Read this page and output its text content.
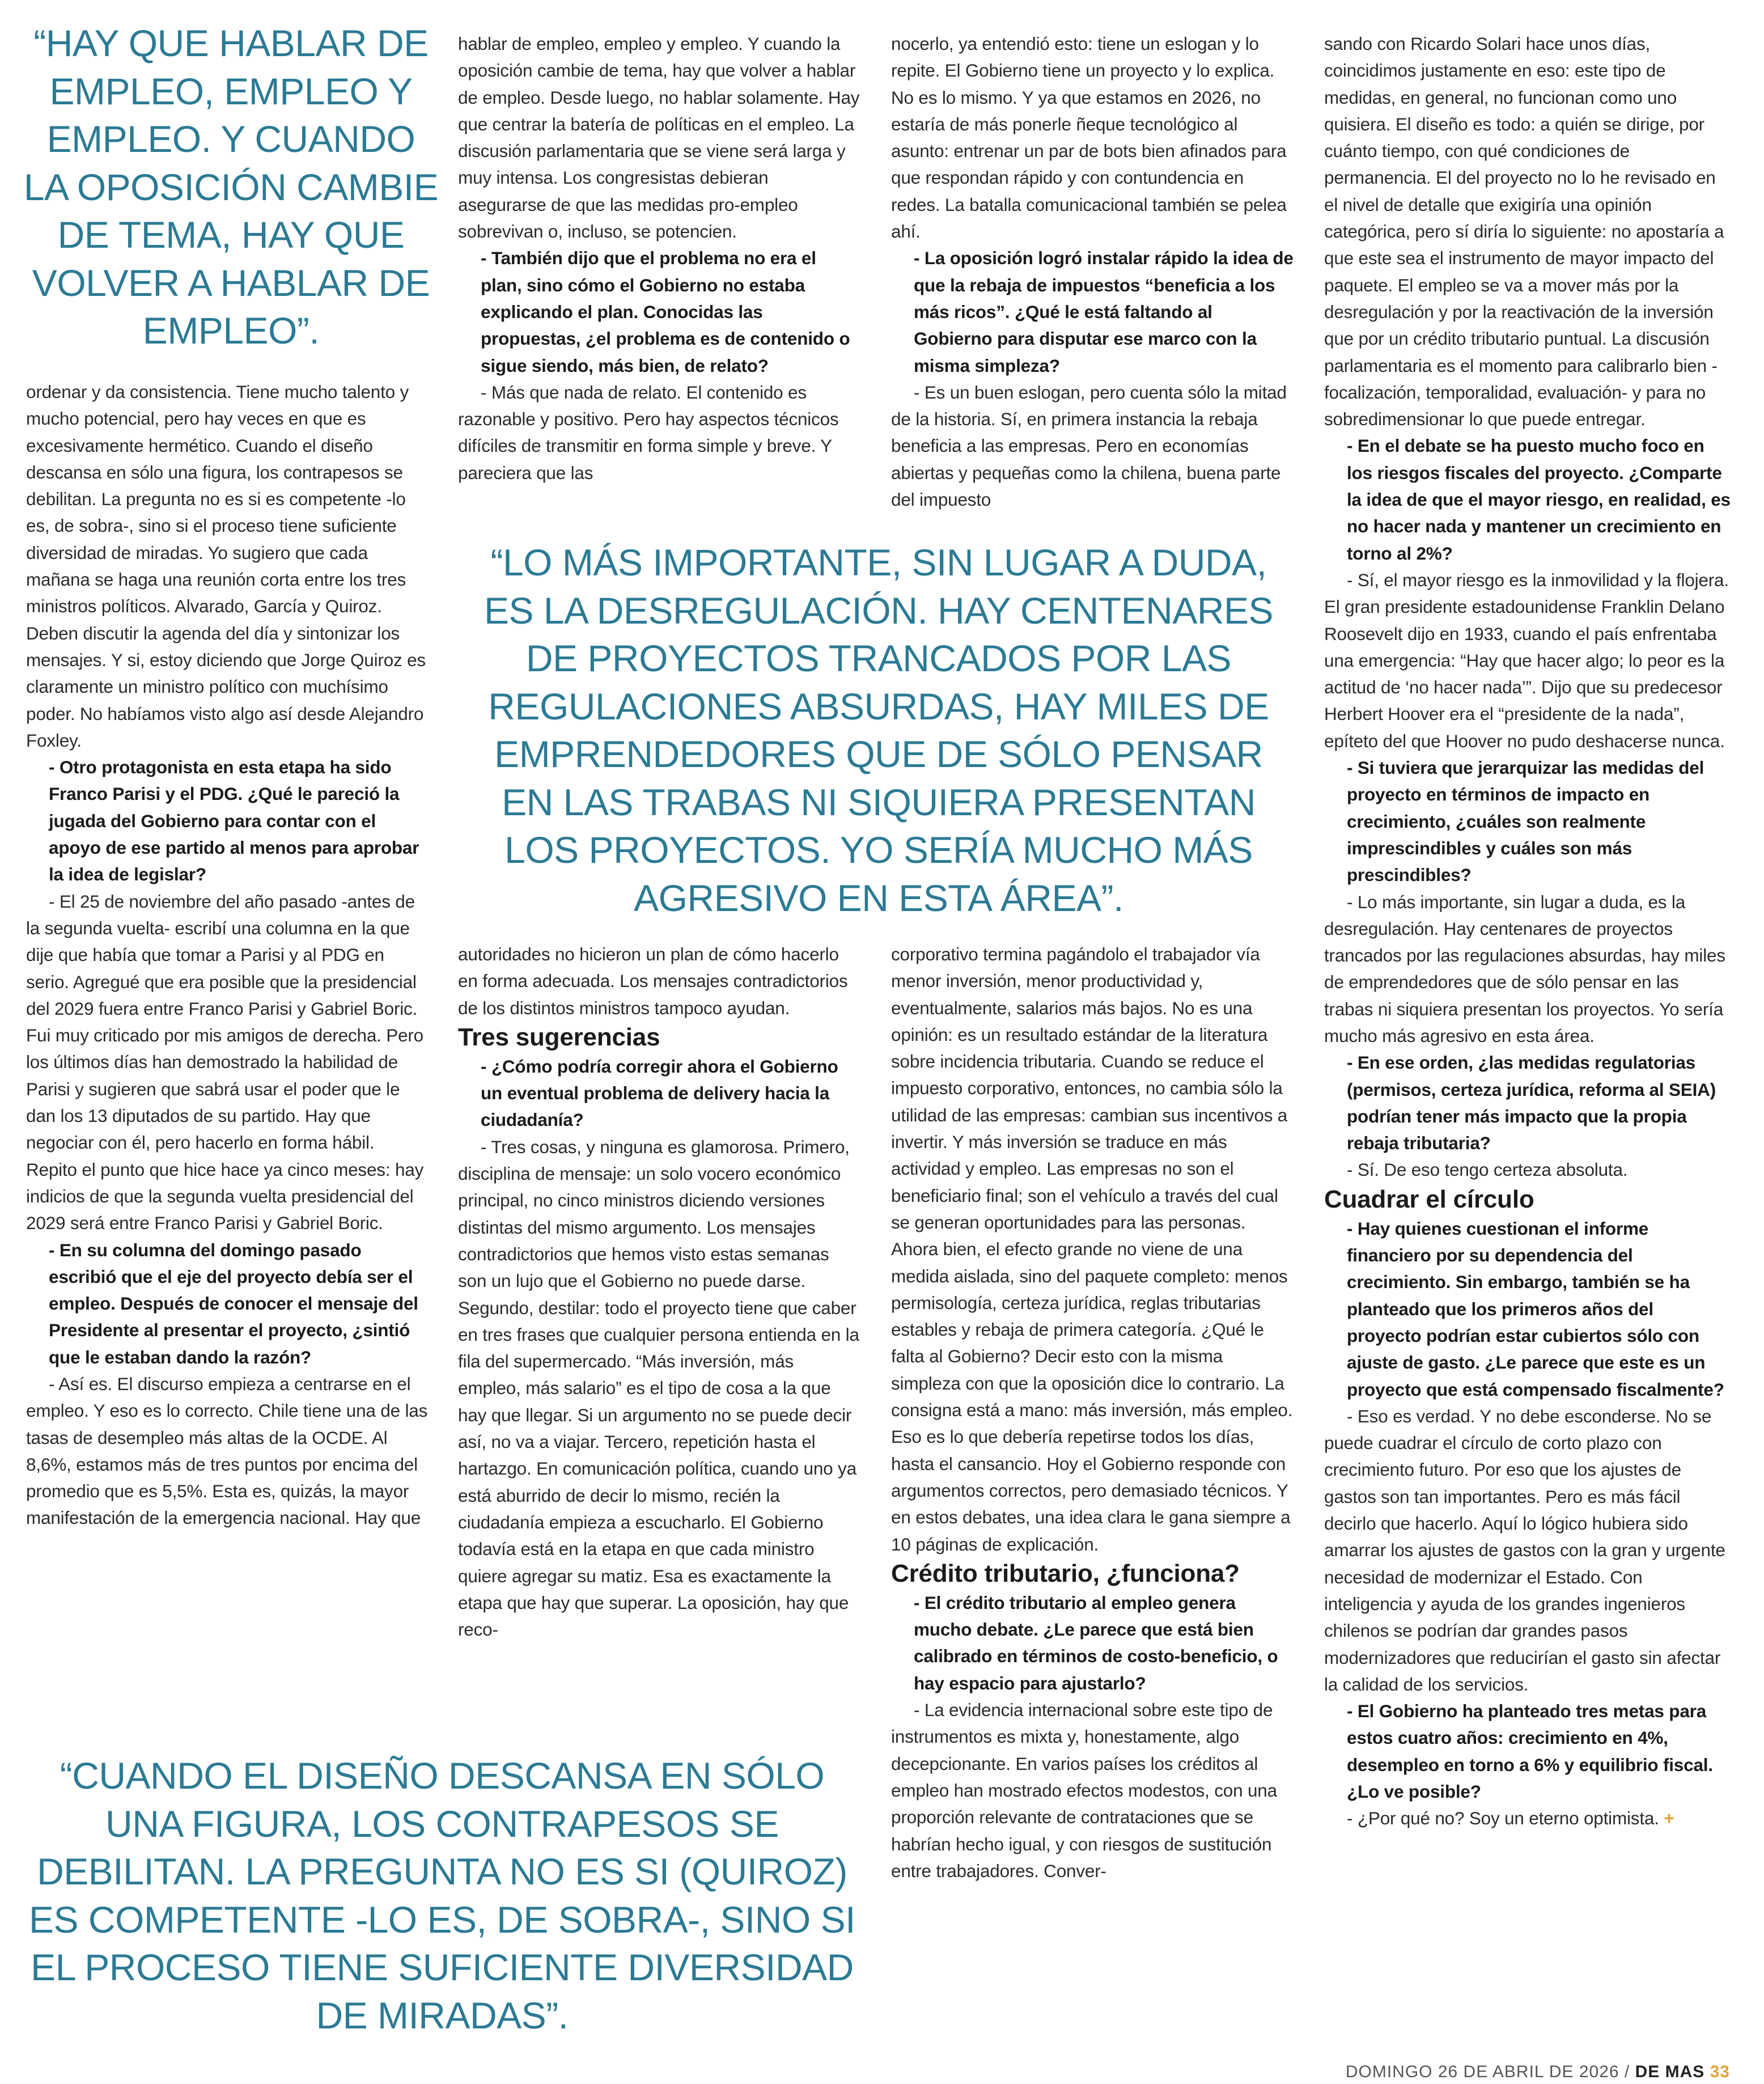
“HAY QUE HABLAR DE EMPLEO, EMPLEO Y EMPLEO. Y CUANDO LA OPOSICIÓN CAMBIE DE TEMA, HAY QUE VOLVER A HABLAR DE EMPLEO”.
“LO MÁS IMPORTANTE, SIN LUGAR A DUDA, ES LA DESREGULACIÓN. HAY CENTENARES DE PROYECTOS TRANCADOS POR LAS REGULACIONES ABSURDAS, HAY MILES DE EMPRENDEDORES QUE DE SÓLO PENSAR EN LAS TRABAS NI SIQUIERA PRESENTAN LOS PROYECTOS. YO SERÍA MUCHO MÁS AGRESIVO EN ESTA ÁREA”.
“CUANDO EL DISEÑO DESCANSA EN SÓLO UNA FIGURA, LOS CONTRAPESOS SE DEBILITAN. LA PREGUNTA NO ES SI (QUIROZ) ES COMPETENTE -LO ES, DE SOBRA-, SINO SI EL PROCESO TIENE SUFICIENTE DIVERSIDAD DE MIRADAS”.

ordenar y da consistencia. Tiene mucho talento y mucho potencial, pero hay veces en que es excesivamente hermético. Cuando el diseño descansa en sólo una figura, los contrapesos se debilitan. La pregunta no es si es competente -lo es, de sobra-, sino si el proceso tiene suficiente diversidad de miradas. Yo sugiero que cada mañana se haga una reunión corta entre los tres ministros políticos. Alvarado, García y Quiroz. Deben discutir la agenda del día y sintonizar los mensajes. Y si, estoy diciendo que Jorge Quiroz es claramente un ministro político con muchísimo poder. No habíamos visto algo así desde Alejandro Foxley.

- Otro protagonista en esta etapa ha sido Franco Parisi y el PDG. ¿Qué le pareció la jugada del Gobierno para contar con el apoyo de ese partido al menos para aprobar la idea de legislar?

- El 25 de noviembre del año pasado -antes de la segunda vuelta- escribí una columna en la que dije que había que tomar a Parisi y al PDG en serio. Agregué que era posible que la presidencial del 2029 fuera entre Franco Parisi y Gabriel Boric. Fui muy criticado por mis amigos de derecha. Pero los últimos días han demostrado la habilidad de Parisi y sugieren que sabrá usar el poder que le dan los 13 diputados de su partido. Hay que negociar con él, pero hacerlo en forma hábil. Repito el punto que hice hace ya cinco meses: hay indicios de que la segunda vuelta presidencial del 2029 será entre Franco Parisi y Gabriel Boric.

- En su columna del domingo pasado escribió que el eje del proyecto debía ser el empleo. Después de conocer el mensaje del Presidente al presentar el proyecto, ¿sintió que le estaban dando la razón?

- Así es. El discurso empieza a centrarse en el empleo. Y eso es lo correcto. Chile tiene una de las tasas de desempleo más altas de la OCDE. Al 8,6%, estamos más de tres puntos por encima del promedio que es 5,5%. Esta es, quizás, la mayor manifestación de la emergencia nacional. Hay que

hablar de empleo, empleo y empleo. Y cuando la oposición cambie de tema, hay que volver a hablar de empleo. Desde luego, no hablar solamente. Hay que centrar la batería de políticas en el empleo. La discusión parlamentaria que se viene será larga y muy intensa. Los congresistas debieran asegurarse de que las medidas pro-empleo sobrevivan o, incluso, se potencien.

- También dijo que el problema no era el plan, sino cómo el Gobierno no estaba explicando el plan. Conocidas las propuestas, ¿el problema es de contenido o sigue siendo, más bien, de relato?

- Más que nada de relato. El contenido es razonable y positivo. Pero hay aspectos técnicos difíciles de transmitir en forma simple y breve. Y pareciera que las

autoridades no hicieron un plan de cómo hacerlo en forma adecuada. Los mensajes contradictorios de los distintos ministros tampoco ayudan.

Tres sugerencias

- ¿Cómo podría corregir ahora el Gobierno un eventual problema de delivery hacia la ciudadanía?

- Tres cosas, y ninguna es glamorosa. Primero, disciplina de mensaje: un solo vocero económico principal, no cinco ministros diciendo versiones distintas del mismo argumento. Los mensajes contradictorios que hemos visto estas semanas son un lujo que el Gobierno no puede darse. Segundo, destilar: todo el proyecto tiene que caber en tres frases que cualquier persona entienda en la fila del supermercado. “Más inversión, más empleo, más salario” es el tipo de cosa a la que hay que llegar. Si un argumento no se puede decir así, no va a viajar. Tercero, repetición hasta el hartazgo. En comunicación política, cuando uno ya está aburrido de decir lo mismo, recién la ciudadanía empieza a escucharlo. El Gobierno todavía está en la etapa en que cada ministro quiere agregar su matiz. Esa es exactamente la etapa que hay que superar. La oposición, hay que reco-

nocerlo, ya entendió esto: tiene un eslogan y lo repite. El Gobierno tiene un proyecto y lo explica. No es lo mismo. Y ya que estamos en 2026, no estaría de más ponerle ñeque tecnológico al asunto: entrenar un par de bots bien afinados para que respondan rápido y con contundencia en redes. La batalla comunicacional también se pelea ahí.

- La oposición logró instalar rápido la idea de que la rebaja de impuestos “beneficia a los más ricos”. ¿Qué le está faltando al Gobierno para disputar ese marco con la misma simpleza?

- Es un buen eslogan, pero cuenta sólo la mitad de la historia. Sí, en primera instancia la rebaja beneficia a las empresas. Pero en economías abiertas y pequeñas como la chilena, buena parte del impuesto

corporativo termina pagándolo el trabajador vía menor inversión, menor productividad y, eventualmente, salarios más bajos. No es una opinión: es un resultado estándar de la literatura sobre incidencia tributaria. Cuando se reduce el impuesto corporativo, entonces, no cambia sólo la utilidad de las empresas: cambian sus incentivos a invertir. Y más inversión se traduce en más actividad y empleo. Las empresas no son el beneficiario final; son el vehículo a través del cual se generan oportunidades para las personas. Ahora bien, el efecto grande no viene de una medida aislada, sino del paquete completo: menos permisología, certeza jurídica, reglas tributarias estables y rebaja de primera categoría. ¿Qué le falta al Gobierno? Decir esto con la misma simpleza con que la oposición dice lo contrario. La consigna está a mano: más inversión, más empleo. Eso es lo que debería repetirse todos los días, hasta el cansancio. Hoy el Gobierno responde con argumentos correctos, pero demasiado técnicos. Y en estos debates, una idea clara le gana siempre a 10 páginas de explicación.

Crédito tributario, ¿funciona?

- El crédito tributario al empleo genera mucho debate. ¿Le parece que está bien calibrado en términos de costo-beneficio, o hay espacio para ajustarlo?

- La evidencia internacional sobre este tipo de instrumentos es mixta y, honestamente, algo decepcionante. En varios países los créditos al empleo han mostrado efectos modestos, con una proporción relevante de contrataciones que se habrían hecho igual, y con riesgos de sustitución entre trabajadores. Conver-

sando con Ricardo Solari hace unos días, coincidimos justamente en eso: este tipo de medidas, en general, no funcionan como uno quisiera. El diseño es todo: a quién se dirige, por cuánto tiempo, con qué condiciones de permanencia. El del proyecto no lo he revisado en el nivel de detalle que exigiría una opinión categórica, pero sí diría lo siguiente: no apostaría a que este sea el instrumento de mayor impacto del paquete. El empleo se va a mover más por la desregulación y por la reactivación de la inversión que por un crédito tributario puntual. La discusión parlamentaria es el momento para calibrarlo bien -focalización, temporalidad, evaluación- y para no sobredimensionar lo que puede entregar.

- En el debate se ha puesto mucho foco en los riesgos fiscales del proyecto. ¿Comparte la idea de que el mayor riesgo, en realidad, es no hacer nada y mantener un crecimiento en torno al 2%?

- Sí, el mayor riesgo es la inmovilidad y la flojera. El gran presidente estadounidense Franklin Delano Roosevelt dijo en 1933, cuando el país enfrentaba una emergencia: “Hay que hacer algo; lo peor es la actitud de ‘no hacer nada’”. Dijo que su predecesor Herbert Hoover era el “presidente de la nada”, epíteto del que Hoover no pudo deshacerse nunca.

- Si tuviera que jerarquizar las medidas del proyecto en términos de impacto en crecimiento, ¿cuáles son realmente imprescindibles y cuáles son más prescindibles?

- Lo más importante, sin lugar a duda, es la desregulación. Hay centenares de proyectos trancados por las regulaciones absurdas, hay miles de emprendedores que de sólo pensar en las trabas ni siquiera presentan los proyectos. Yo sería mucho más agresivo en esta área.

- En ese orden, ¿las medidas regulatorias (permisos, certeza jurídica, reforma al SEIA) podrían tener más impacto que la propia rebaja tributaria?

- Sí. De eso tengo certeza absoluta.

Cuadrar el círculo

- Hay quienes cuestionan el informe financiero por su dependencia del crecimiento. Sin embargo, también se ha planteado que los primeros años del proyecto podrían estar cubiertos sólo con ajuste de gasto. ¿Le parece que este es un proyecto que está compensado fiscalmente?

- Eso es verdad. Y no debe esconderse. No se puede cuadrar el círculo de corto plazo con crecimiento futuro. Por eso que los ajustes de gastos son tan importantes. Pero es más fácil decirlo que hacerlo. Aquí lo lógico hubiera sido amarrar los ajustes de gastos con la gran y urgente necesidad de modernizar el Estado. Con inteligencia y ayuda de los grandes ingenieros chilenos se podrían dar grandes pasos modernizadores que reducirían el gasto sin afectar la calidad de los servicios.

- El Gobierno ha planteado tres metas para estos cuatro años: crecimiento en 4%, desempleo en torno a 6% y equilibrio fiscal. ¿Lo ve posible?

- ¿Por qué no? Soy un eterno optimista. +

DOMINGO 26 DE ABRIL DE 2026 / DE MAS 33
